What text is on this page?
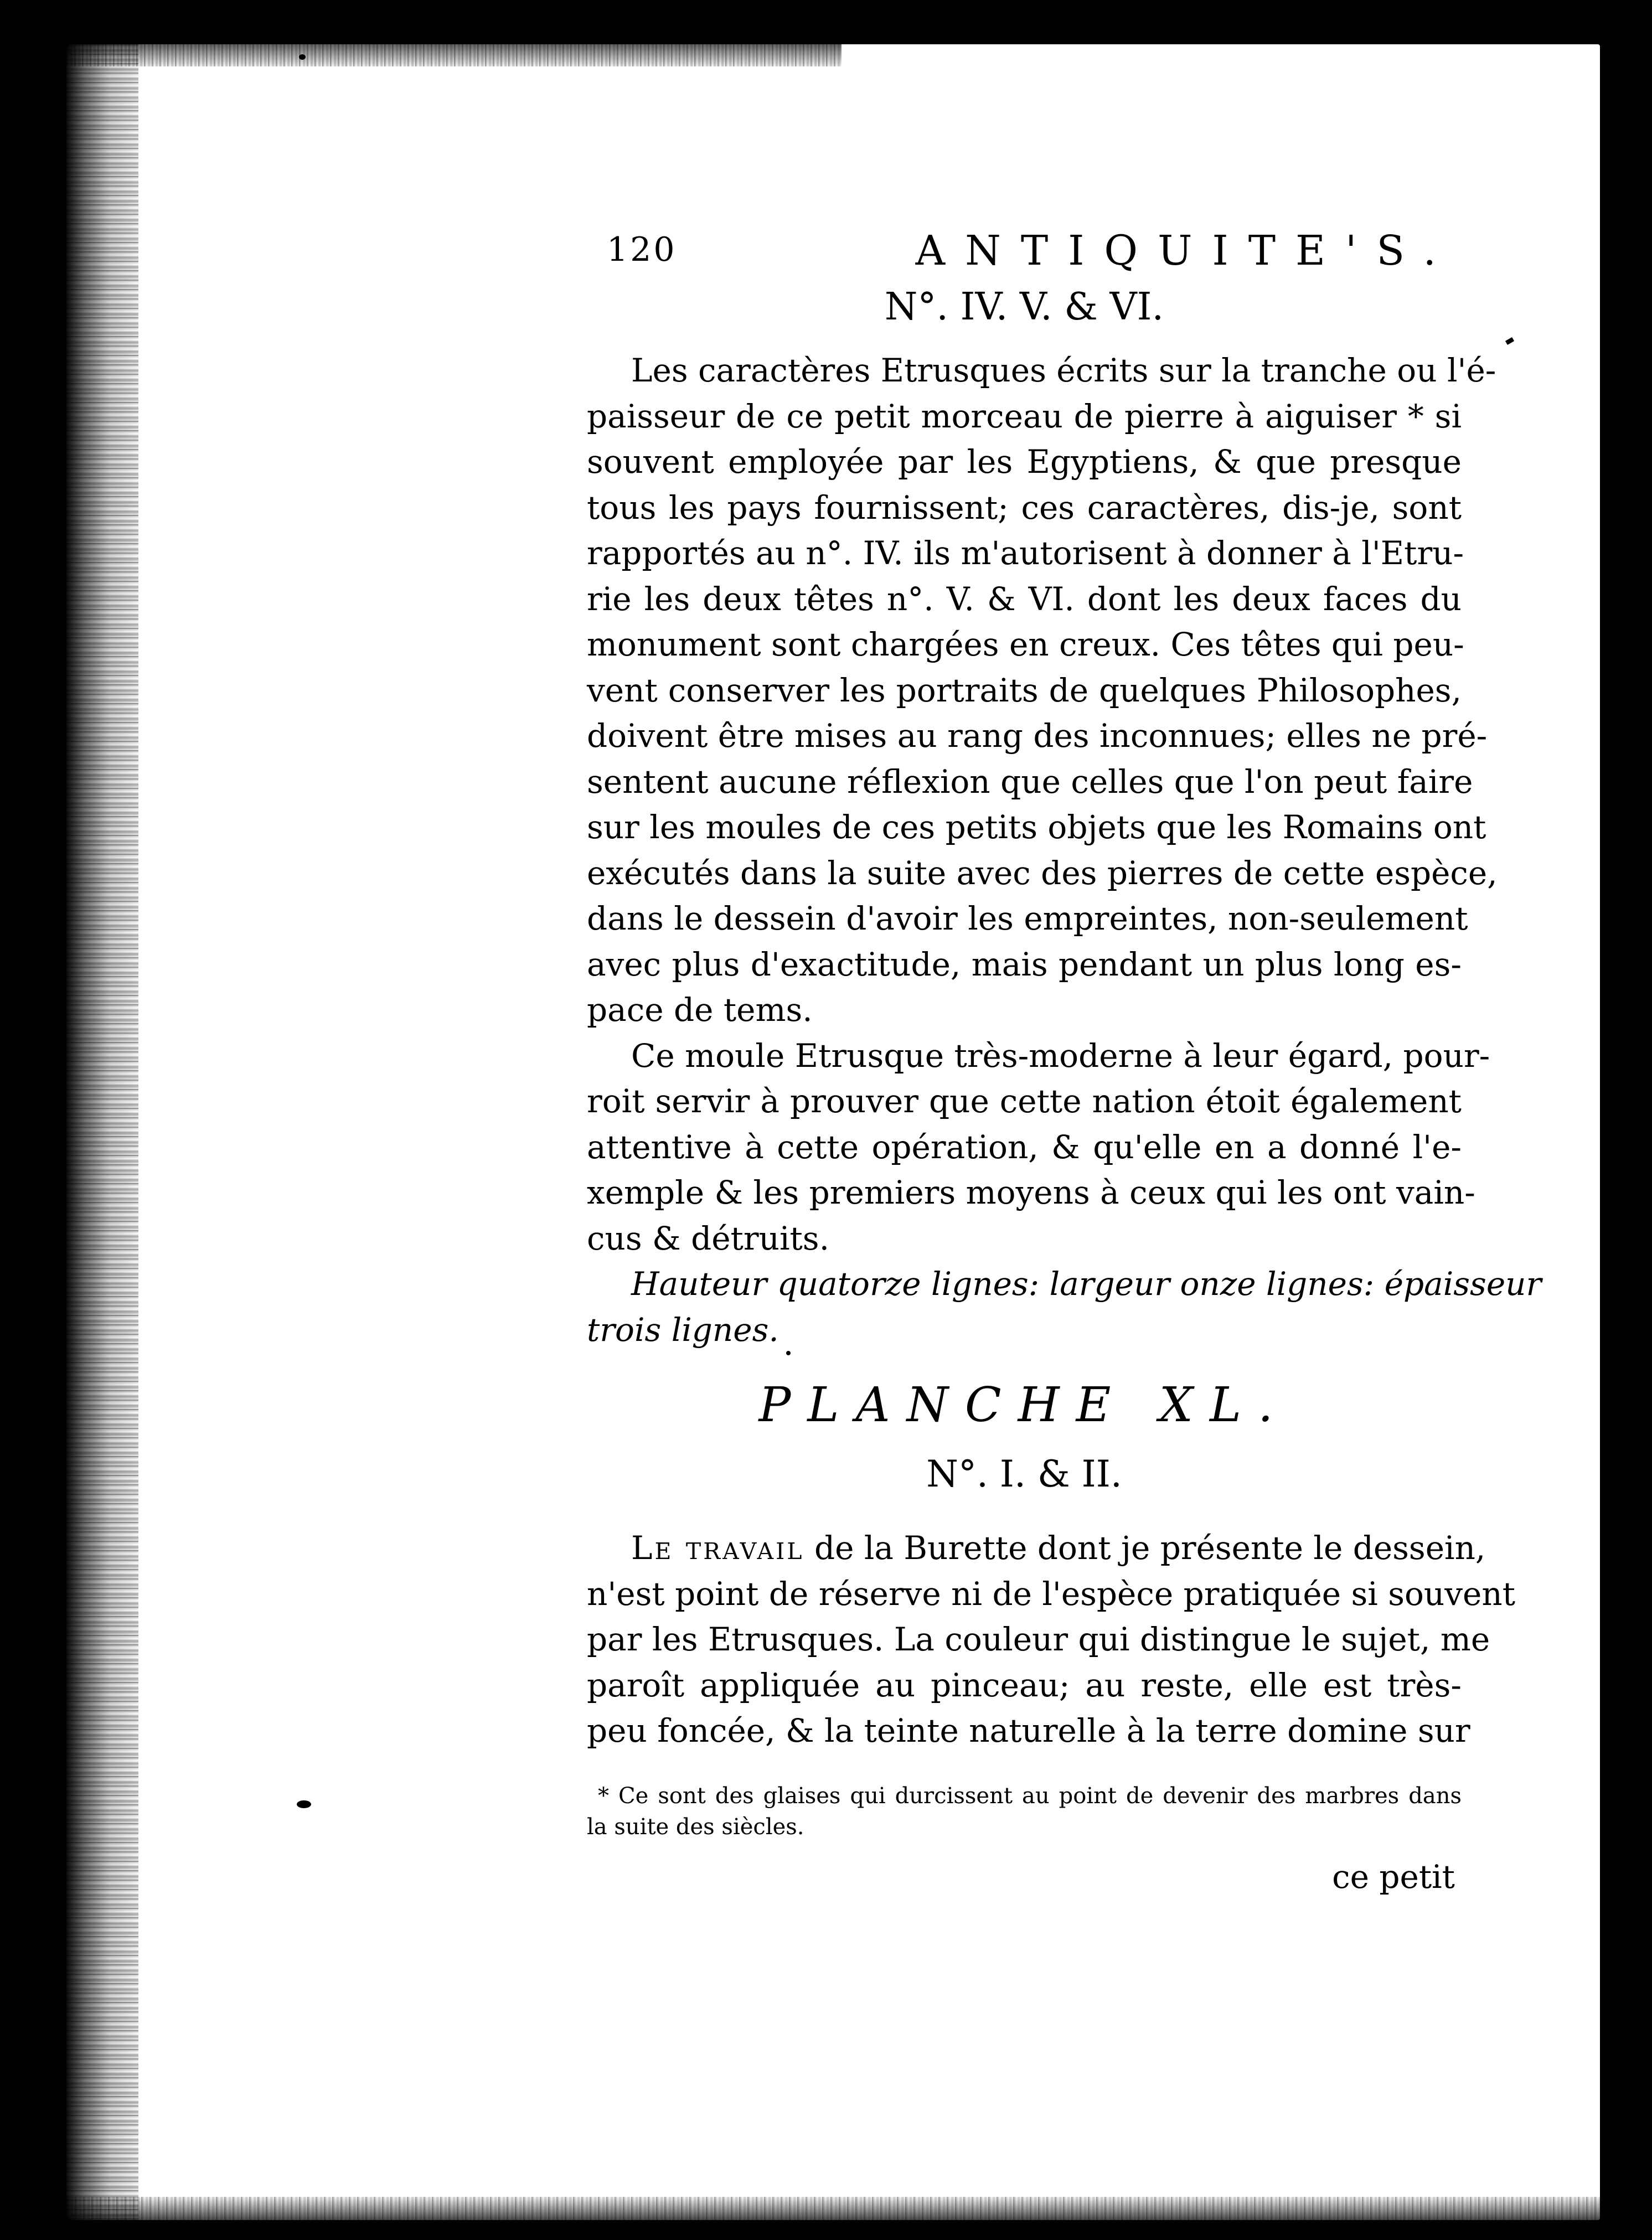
120	ANTIQUITE'S.
N°. IV. V. & VI.
Les caractères Etrusques écrits sur la tranche ou l'é-
paisseur de ce petit morceau de pierre à aiguiser * si
souvent employée par les Egyptiens, & que presque
tous les pays fournissent; ces caractères, dis-je, sont
rapportés au n°. IV. ils m'autorisent à donner à l'Etru-
rie les deux têtes n°. V. & VI. dont les deux faces du
monument sont chargées en creux. Ces têtes qui peu-
vent conserver les portraits de quelques Philosophes,
doivent être mises au rang des inconnues; elles ne pré-
sentent aucune réflexion que celles que l'on peut faire
sur les moules de ces petits objets que les Romains ont
exécutés dans la suite avec des pierres de cette espèce,
dans le dessein d'avoir les empreintes, non-seulement
avec plus d'exactitude, mais pendant un plus long es-
pace de tems.
Ce moule Etrusque très-moderne à leur égard, pour-
roit servir à prouver que cette nation étoit également
attentive à cette opération, & qu'elle en a donné l'e-
xemple & les premiers moyens à ceux qui les ont vain-
cus & détruits.
Hauteur quatorze lignes: largeur onze lignes: épaisseur
trois lignes.
PLANCHE XL.
N°. I. & II.
Le travail de la Burette dont je présente le dessein,
n'est point de réserve ni de l'espèce pratiquée si souvent
par les Etrusques. La couleur qui distingue le sujet, me
paroît appliquée au pinceau; au reste, elle est très-
peu foncée, & la teinte naturelle à la terre domine sur
* Ce sont des glaises qui durcissent au point de devenir des marbres dans
la suite des siècles.
ce petit
